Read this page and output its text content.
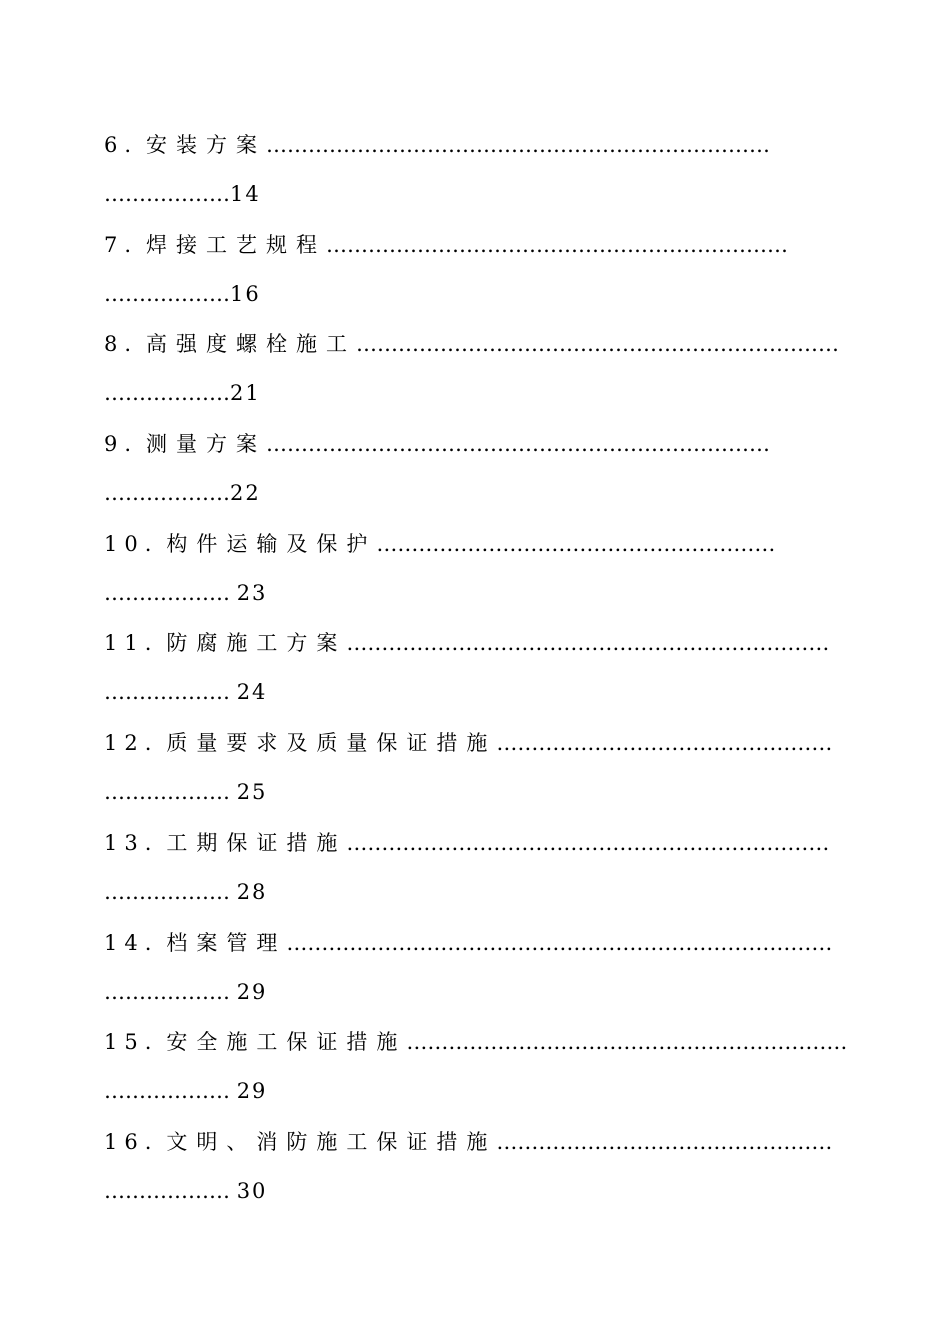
6. 安装方案………………………………………………………………
………………14
7. 焊接工艺规程…………………………………………………………
………………16
8. 高强度螺栓施工……………………………………………………………
………………21
9. 测量方案………………………………………………………………
………………22
10. 构件运输及保护…………………………………………………
……………… 23
11. 防腐施工方案……………………………………………………………
……………… 24
12. 质量要求及质量保证措施…………………………………………
……………… 25
13. 工期保证措施……………………………………………………………
……………… 28
14. 档案管理……………………………………………………………………
……………… 29
15. 安全施工保证措施………………………………………………………
……………… 29
16. 文明、消防施工保证措施…………………………………………
……………… 30
